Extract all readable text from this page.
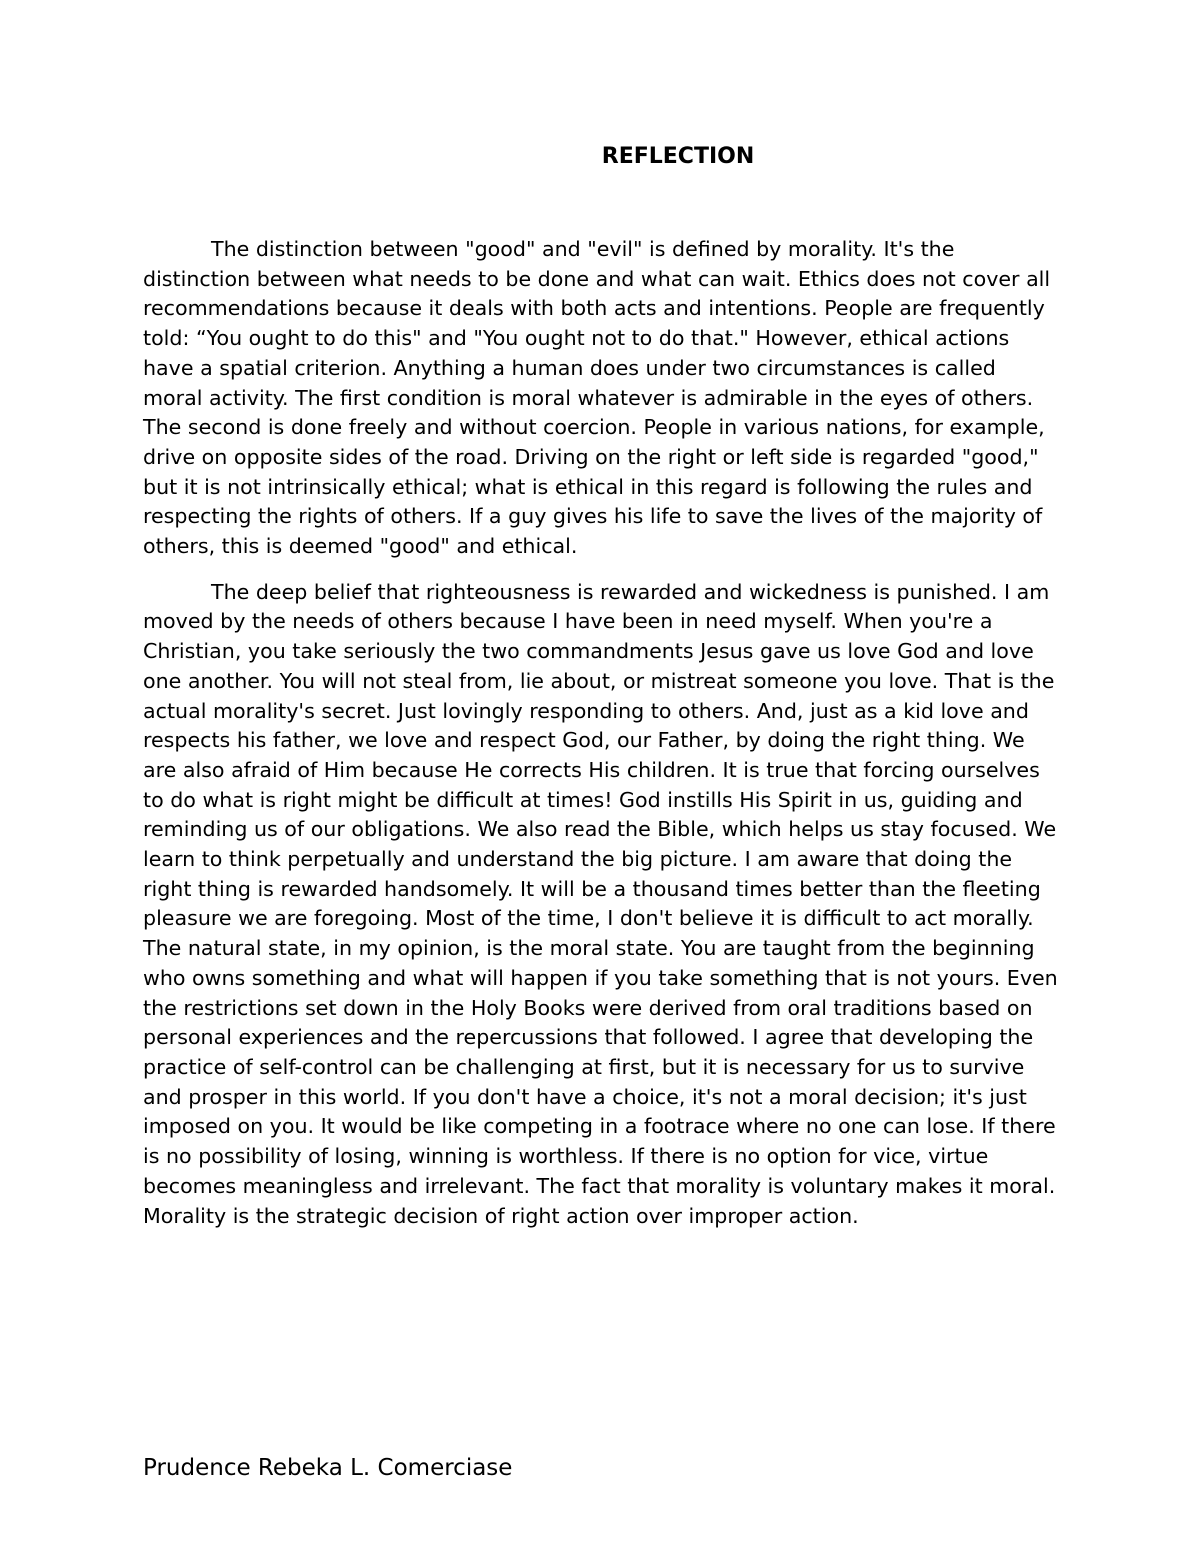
REFLECTION

The distinction between "good" and "evil" is defined by morality. It's the distinction between what needs to be done and what can wait. Ethics does not cover all recommendations because it deals with both acts and intentions. People are frequently told: “You ought to do this" and "You ought not to do that." However, ethical actions have a spatial criterion. Anything a human does under two circumstances is called moral activity. The first condition is moral whatever is admirable in the eyes of others. The second is done freely and without coercion. People in various nations, for example, drive on opposite sides of the road. Driving on the right or left side is regarded "good," but it is not intrinsically ethical; what is ethical in this regard is following the rules and respecting the rights of others. If a guy gives his life to save the lives of the majority of others, this is deemed "good" and ethical.

The deep belief that righteousness is rewarded and wickedness is punished. I am moved by the needs of others because I have been in need myself. When you're a Christian, you take seriously the two commandments Jesus gave us love God and love one another. You will not steal from, lie about, or mistreat someone you love. That is the actual morality's secret. Just lovingly responding to others. And, just as a kid love and respects his father, we love and respect God, our Father, by doing the right thing. We are also afraid of Him because He corrects His children. It is true that forcing ourselves to do what is right might be difficult at times! God instills His Spirit in us, guiding and reminding us of our obligations. We also read the Bible, which helps us stay focused. We learn to think perpetually and understand the big picture. I am aware that doing the right thing is rewarded handsomely. It will be a thousand times better than the fleeting pleasure we are foregoing. Most of the time, I don't believe it is difficult to act morally. The natural state, in my opinion, is the moral state. You are taught from the beginning who owns something and what will happen if you take something that is not yours. Even the restrictions set down in the Holy Books were derived from oral traditions based on personal experiences and the repercussions that followed. I agree that developing the practice of self-control can be challenging at first, but it is necessary for us to survive and prosper in this world. If you don't have a choice, it's not a moral decision; it's just imposed on you. It would be like competing in a footrace where no one can lose. If there is no possibility of losing, winning is worthless. If there is no option for vice, virtue becomes meaningless and irrelevant. The fact that morality is voluntary makes it moral. Morality is the strategic decision of right action over improper action.

Prudence Rebeka L. Comerciase
